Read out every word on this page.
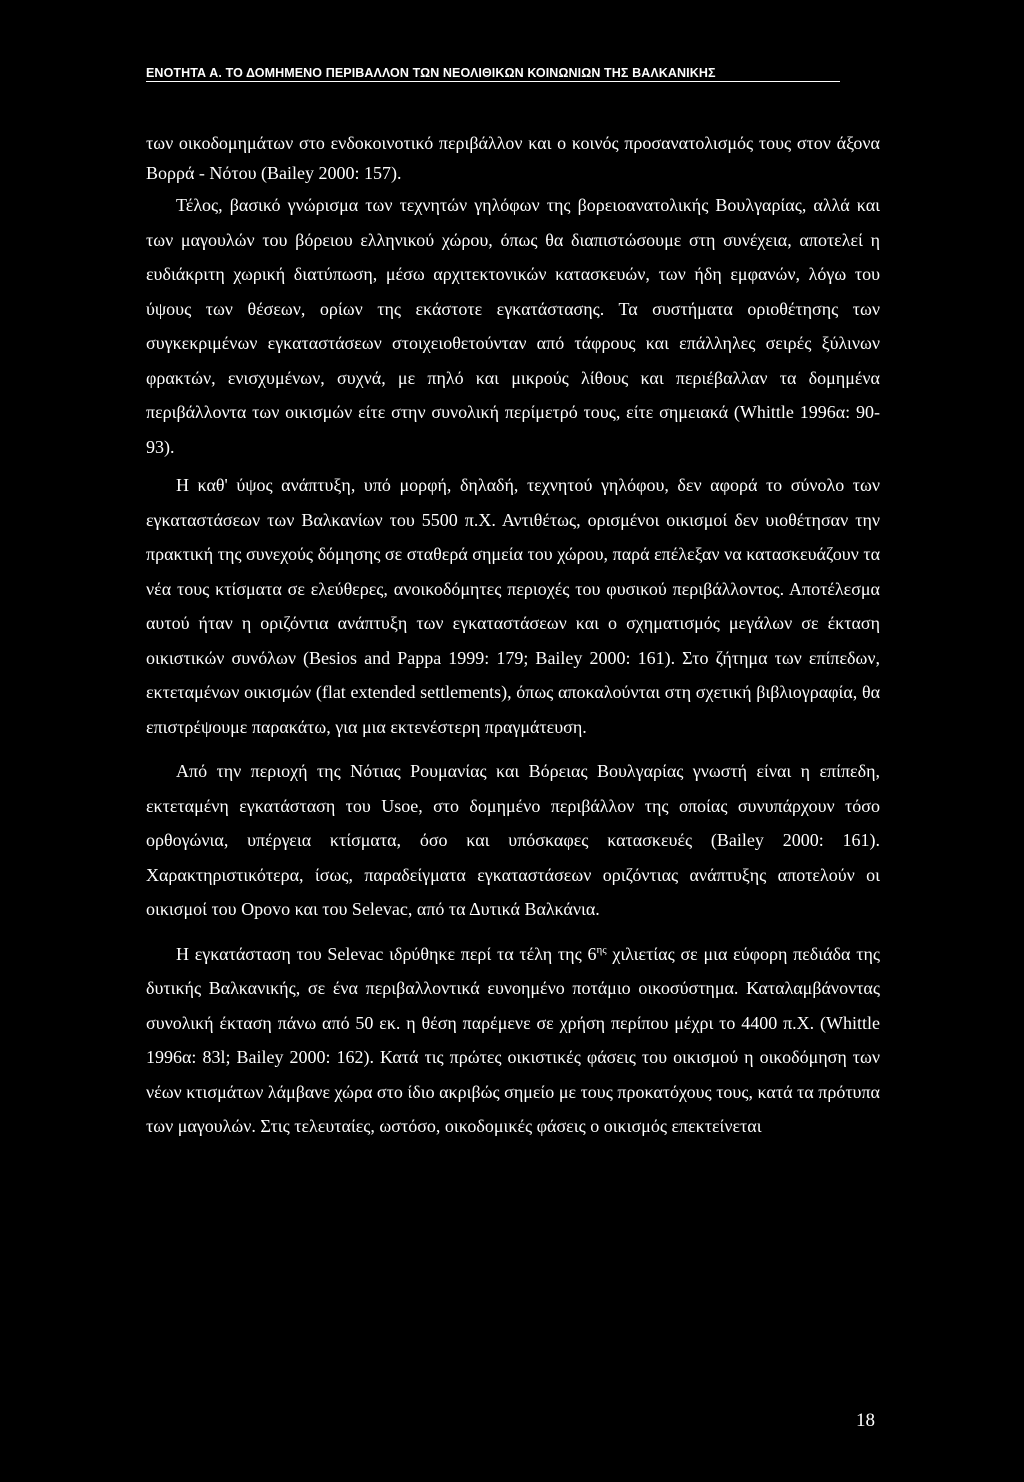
ΕΝΟΤΗΤΑ Α. ΤΟ ΔΟΜΗΜΕΝΟ ΠΕΡΙΒΑΛΛΟΝ ΤΩΝ ΝΕΟΛΙΘΙΚΩΝ ΚΟΙΝΩΝΙΩΝ ΤΗΣ ΒΑΛΚΑΝΙΚΗΣ

των οικοδομημάτων στο ενδοκοινοτικό περιβάλλον και ο κοινός προσανατολισμός τους στον άξονα Βορρά - Νότου (Bailey 2000: 157).

Τέλος, βασικό γνώρισμα των τεχνητών γηλόφων της βορειοανατολικής Βουλγαρίας, αλλά και των μαγουλών του βόρειου ελληνικού χώρου, όπως θα διαπιστώσουμε στη συνέχεια, αποτελεί η ευδιάκριτη χωρική διατύπωση, μέσω αρχιτεκτονικών κατασκευών, των ήδη εμφανών, λόγω του ύψους των θέσεων, ορίων της εκάστοτε εγκατάστασης. Τα συστήματα οριοθέτησης των συγκεκριμένων εγκαταστάσεων στοιχειοθετούνταν από τάφρους και επάλληλες σειρές ξύλινων φρακτών, ενισχυμένων, συχνά, με πηλό και μικρούς λίθους και περιέβαλλαν τα δομημένα περιβάλλοντα των οικισμών είτε στην συνολική περίμετρό τους, είτε σημειακά (Whittle 1996α: 90-93).

Η καθ' ύψος ανάπτυξη, υπό μορφή, δηλαδή, τεχνητού γηλόφου, δεν αφορά το σύνολο των εγκαταστάσεων των Βαλκανίων του 5500 π.Χ. Αντιθέτως, ορισμένοι οικισμοί δεν υιοθέτησαν την πρακτική της συνεχούς δόμησης σε σταθερά σημεία του χώρου, παρά επέλεξαν να κατασκευάζουν τα νέα τους κτίσματα σε ελεύθερες, ανοικοδόμητες περιοχές του φυσικού περιβάλλοντος. Αποτέλεσμα αυτού ήταν η οριζόντια ανάπτυξη των εγκαταστάσεων και ο σχηματισμός μεγάλων σε έκταση οικιστικών συνόλων (Besios and Pappa 1999: 179; Bailey 2000: 161). Στο ζήτημα των επίπεδων, εκτεταμένων οικισμών (flat extended settlements), όπως αποκαλούνται στη σχετική βιβλιογραφία, θα επιστρέψουμε παρακάτω, για μια εκτενέστερη πραγμάτευση.

Από την περιοχή της Νότιας Ρουμανίας και Βόρειας Βουλγαρίας γνωστή είναι η επίπεδη, εκτεταμένη εγκατάσταση του Usoe, στο δομημένο περιβάλλον της οποίας συνυπάρχουν τόσο ορθογώνια, υπέργεια κτίσματα, όσο και υπόσκαφες κατασκευές (Bailey 2000: 161). Χαρακτηριστικότερα, ίσως, παραδείγματα εγκαταστάσεων οριζόντιας ανάπτυξης αποτελούν οι οικισμοί του Opovo και του Selevac, από τα Δυτικά Βαλκάνια.

Η εγκατάσταση του Selevac ιδρύθηκε περί τα τέλη της $6^{\eta\varsigma}$ χιλιετίας σε μια εύφορη πεδιάδα της δυτικής Βαλκανικής, σε ένα περιβαλλοντικά ευνοημένο ποτάμιο οικοσύστημα. Καταλαμβάνοντας συνολική έκταση πάνω από 50 εκ. η θέση παρέμενε σε χρήση περίπου μέχρι το 4400 π.Χ. (Whittle 1996α: 83l; Bailey 2000: 162). Κατά τις πρώτες οικιστικές φάσεις του οικισμού η οικοδόμηση των νέων κτισμάτων λάμβανε χώρα στο ίδιο ακριβώς σημείο με τους προκατόχους τους, κατά τα πρότυπα των μαγουλών. Στις τελευταίες, ωστόσο, οικοδομικές φάσεις ο οικισμός επεκτείνεται

18
